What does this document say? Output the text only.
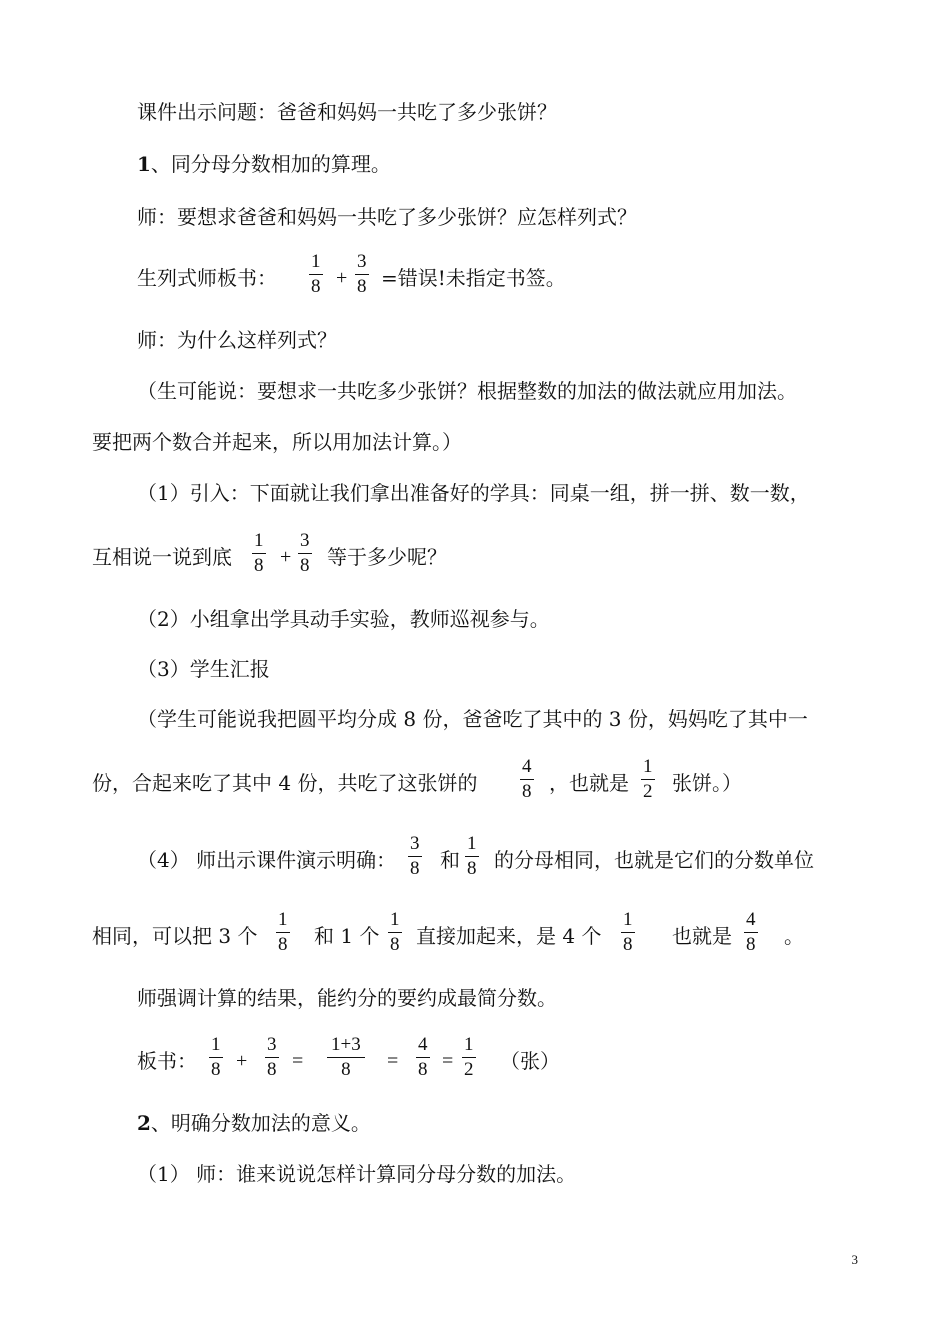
课件出示问题：爸爸和妈妈一共吃了多少张饼？
1、同分母分数相加的算理。
师：要想求爸爸和妈妈一共吃了多少张饼？应怎样列式？
生列式师板书：
1
8 +
3
8 =错误!未指定书签。
师：为什么这样列式？
（生可能说：要想求一共吃多少张饼？根据整数的加法的做法就应用加法。
要把两个数合并起来，所以用加法计算。）
（1）引入：下面就让我们拿出准备好的学具：同桌一组，拼一拼、数一数，
互相说一说到底
1
8 +
3
8 等于多少呢？
（2）小组拿出学具动手实验，教师巡视参与。
（3）学生汇报
（学生可能说我把圆平均分成 8 份，爸爸吃了其中的 3 份，妈妈吃了其中一
份，合起来吃了其中 4 份，共吃了这张饼的
4
8 ，也就是
1
2 张饼。）
（4） 师出示课件演示明确：
3
8 和
1
8 的分母相同，也就是它们的分数单位
相同，可以把 3 个
1
8 和 1 个
1
8 直接加起来，是 4 个
1
8 也就是
4
8 。
师强调计算的结果，能约分的要约成最简分数。
板书：
1
8 +
3
8 =
1+3
8	=
4
8 =
1
2 （张）
2、明确分数加法的意义。
（1） 师：谁来说说怎样计算同分母分数的加法。
3
